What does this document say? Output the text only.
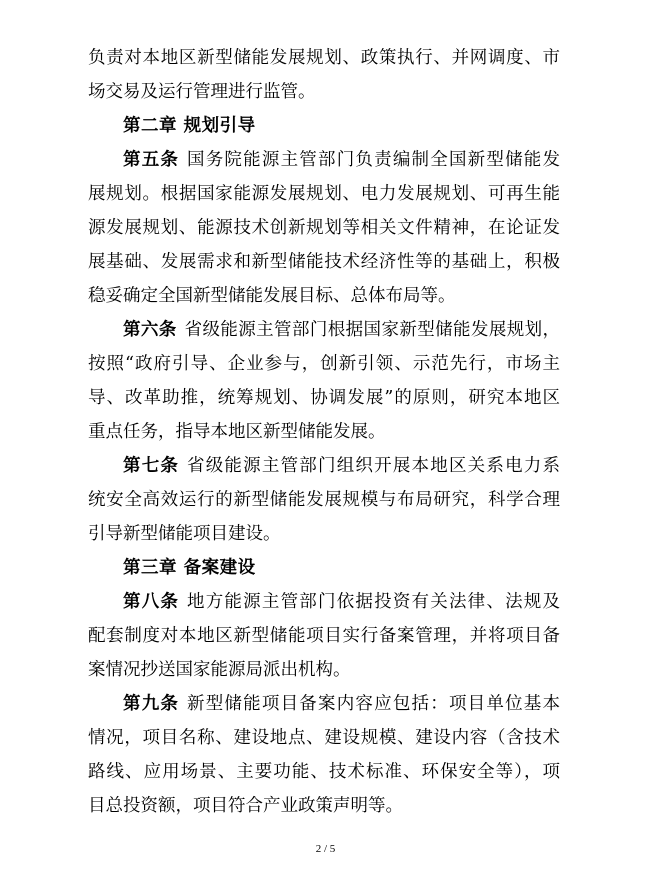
负责对本地区新型储能发展规划、政策执行、并网调度、市
场交易及运行管理进行监管。
第二章 规划引导
第五条 国务院能源主管部门负责编制全国新型储能发
展规划。根据国家能源发展规划、电力发展规划、可再生能
源发展规划、能源技术创新规划等相关文件精神，在论证发
展基础、发展需求和新型储能技术经济性等的基础上，积极
稳妥确定全国新型储能发展目标、总体布局等。
第六条 省级能源主管部门根据国家新型储能发展规划，
按照“政府引导、企业参与，创新引领、示范先行，市场主
导、改革助推，统筹规划、协调发展”的原则，研究本地区
重点任务，指导本地区新型储能发展。
第七条 省级能源主管部门组织开展本地区关系电力系
统安全高效运行的新型储能发展规模与布局研究，科学合理
引导新型储能项目建设。
第三章 备案建设
第八条 地方能源主管部门依据投资有关法律、法规及
配套制度对本地区新型储能项目实行备案管理，并将项目备
案情况抄送国家能源局派出机构。
第九条 新型储能项目备案内容应包括：项目单位基本
情况，项目名称、建设地点、建设规模、建设内容（含技术
路线、应用场景、主要功能、技术标准、环保安全等），项
目总投资额，项目符合产业政策声明等。
2 / 5
